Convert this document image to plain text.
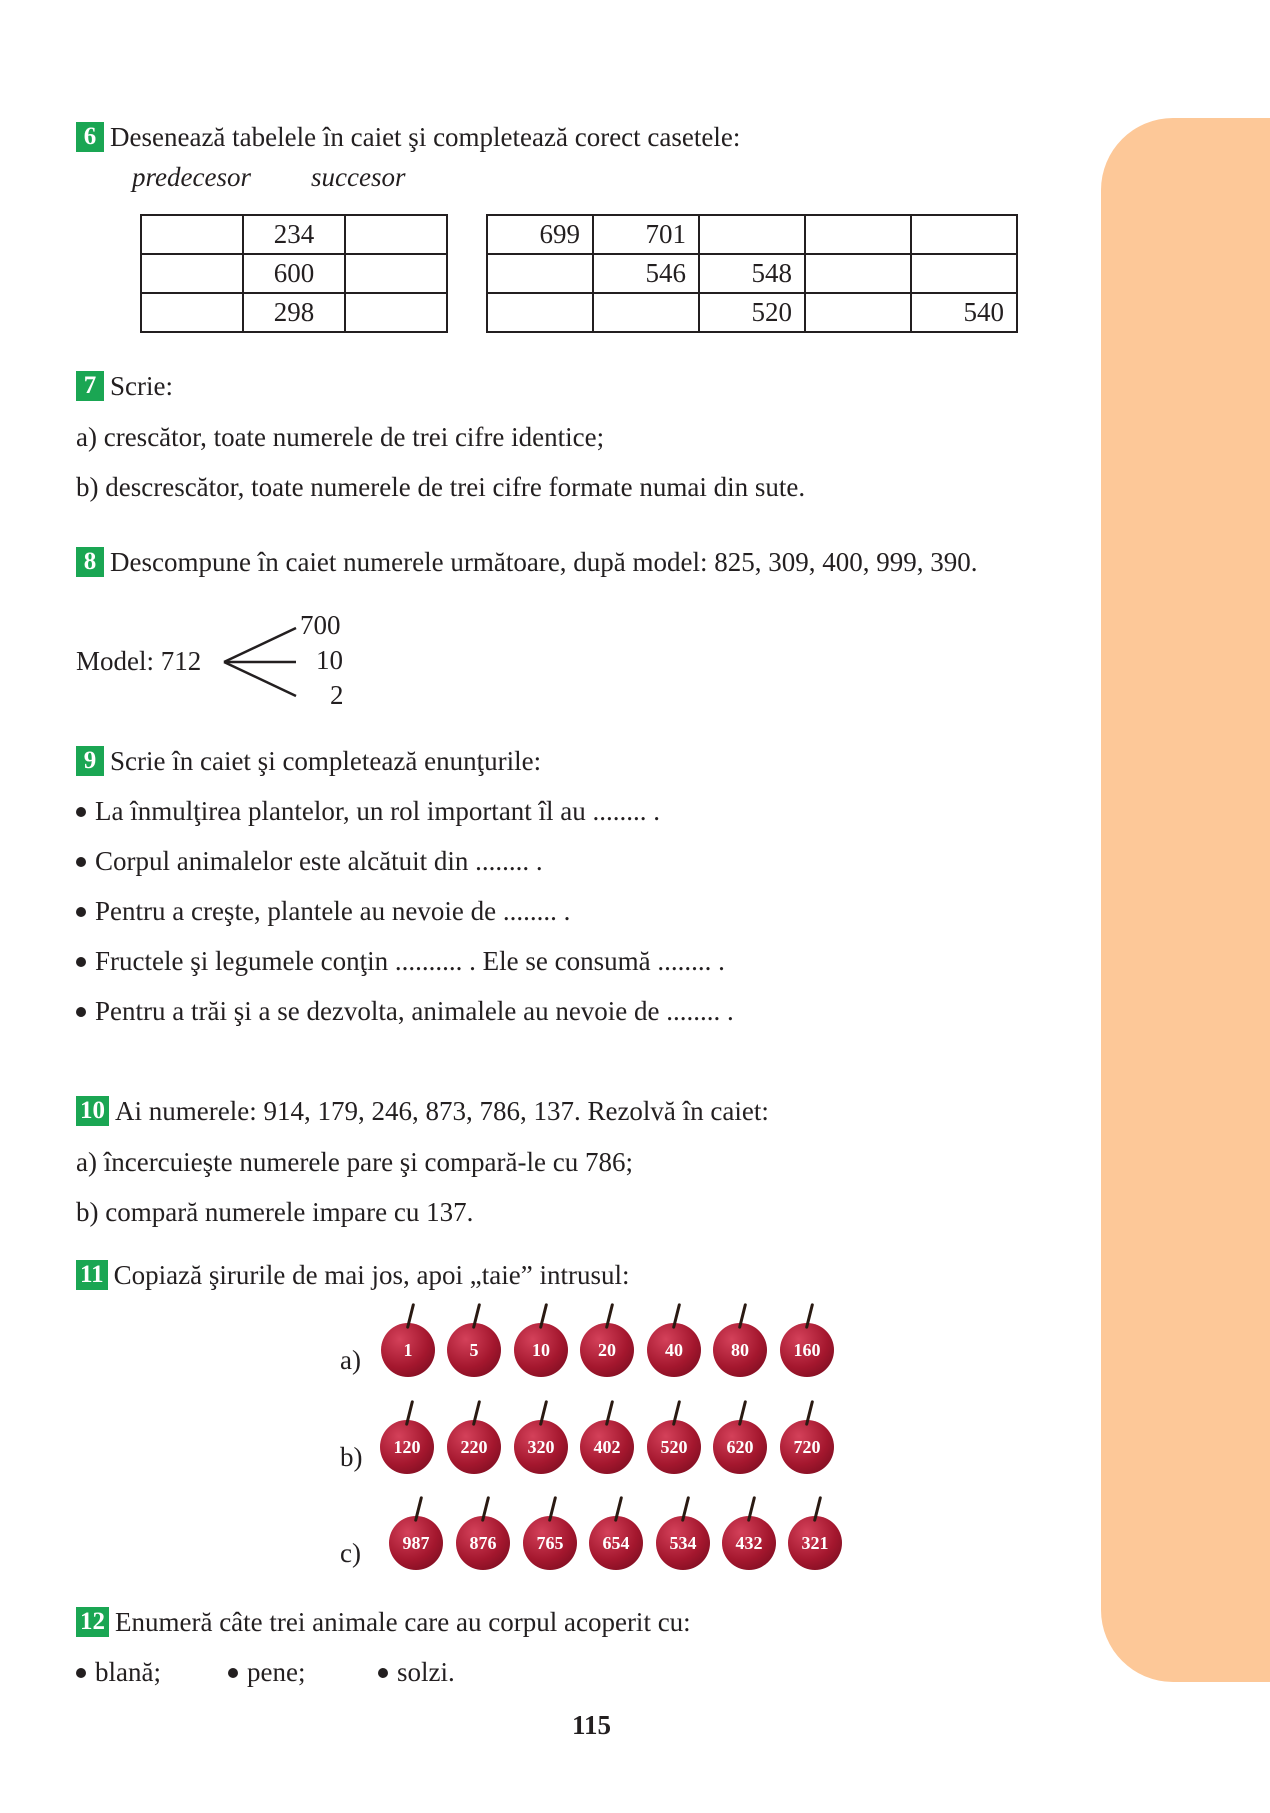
6 Desenează tabelele în caiet şi completează corect casetele:
predecesor succesor
	234	
	600	
	298	
699	701			
	546	548		
		520		540
7 Scrie:
a) crescător, toate numerele de trei cifre identice;
b) descrescător, toate numerele de trei cifre formate numai din sute.
8 Descompune în caiet numerele următoare, după model: 825, 309, 400, 999, 390.
Model: 712
700
10
2
9 Scrie în caiet şi completează enunţurile:
La înmulţirea plantelor, un rol important îl au ........ .
Corpul animalelor este alcătuit din ........ .
Pentru a creşte, plantele au nevoie de ........ .
Fructele şi legumele conţin .......... . Ele se consumă ........ .
Pentru a trăi şi a se dezvolta, animalele au nevoie de ........ .
10 Ai numerele: 914, 179, 246, 873, 786, 137. Rezolvă în caiet:
a) încercuieşte numerele pare şi compară-le cu 786;
b) compară numerele impare cu 137.
11 Copiază şirurile de mai jos, apoi „taie” intrusul:
a) 1	5	10	20	40	80 160
b) 120 220 320 402 520 620 720
c) 987 876 765 654 534 432 321
12 Enumeră câte trei animale care au corpul acoperit cu:
blană;	pene;	solzi.
115
